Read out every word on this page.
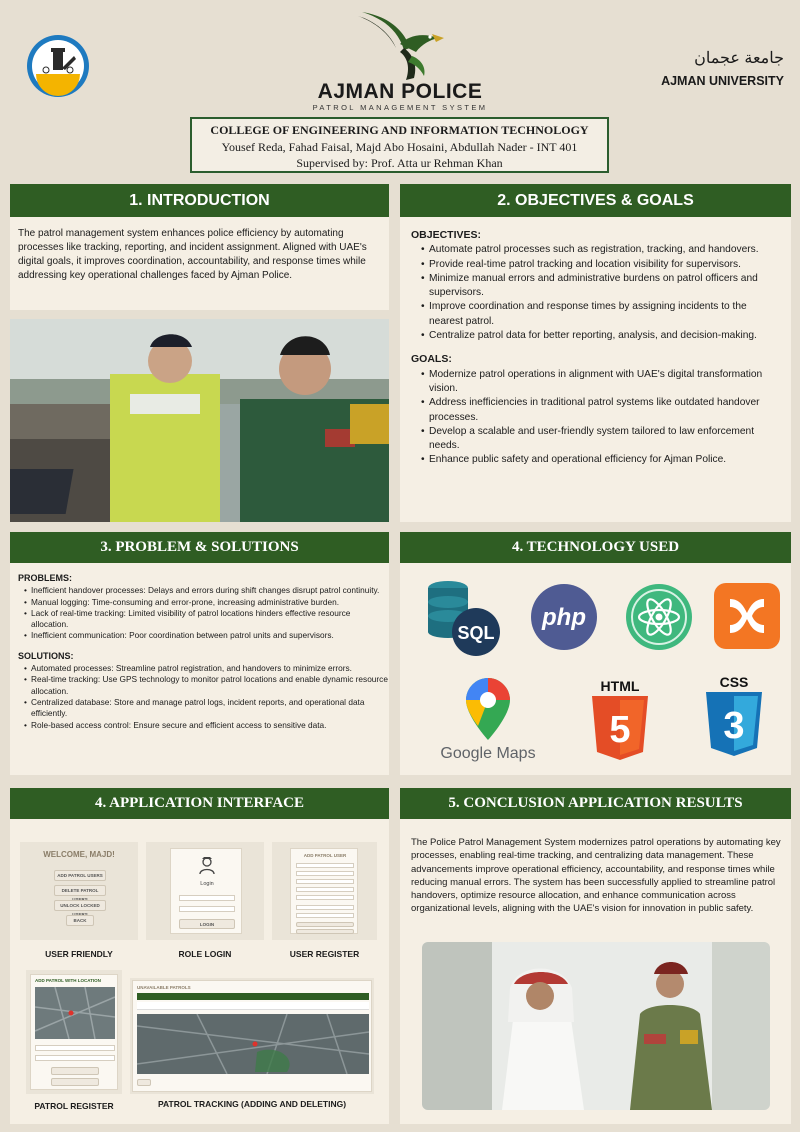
AJMAN POLICE
PATROL MANAGEMENT SYSTEM
جامعة عجمان
AJMAN UNIVERSITY
COLLEGE OF ENGINEERING AND INFORMATION TECHNOLOGY
Yousef Reda, Fahad Faisal, Majd Abo Hosaini, Abdullah Nader - INT 401
Supervised by: Prof. Atta ur Rehman Khan
1. INTRODUCTION
The patrol management system enhances police efficiency by automating processes like tracking, reporting, and incident assignment. Aligned with UAE's digital goals, it improves coordination, accountability, and response times while addressing key operational challenges faced by Ajman Police.
2. OBJECTIVES & GOALS
OBJECTIVES:
• Automate patrol processes such as registration, tracking, and handovers.
• Provide real-time patrol tracking and location visibility for supervisors.
• Minimize manual errors and administrative burdens on patrol officers and supervisors.
• Improve coordination and response times by assigning incidents to the nearest patrol.
• Centralize patrol data for better reporting, analysis, and decision-making.
GOALS:
• Modernize patrol operations in alignment with UAE's digital transformation vision.
• Address inefficiencies in traditional patrol systems like outdated handover processes.
• Develop a scalable and user-friendly system tailored to law enforcement needs.
• Enhance public safety and operational efficiency for Ajman Police.
3. PROBLEM & SOLUTIONS
PROBLEMS:
• Inefficient handover processes: Delays and errors during shift changes disrupt patrol continuity.
• Manual logging: Time-consuming and error-prone, increasing administrative burden.
• Lack of real-time tracking: Limited visibility of patrol locations hinders effective resource allocation.
• Inefficient communication: Poor coordination between patrol units and supervisors.
SOLUTIONS:
• Automated processes: Streamline patrol registration, and handovers to minimize errors.
• Real-time tracking: Use GPS technology to monitor patrol locations and enable dynamic resource allocation.
• Centralized database: Store and manage patrol logs, incident reports, and operational data efficiently.
• Role-based access control: Ensure secure and efficient access to sensitive data.
4. TECHNOLOGY USED
SQL
php
Google Maps
HTML
5
CSS
3
4. APPLICATION INTERFACE
WELCOME, MAJD!
ADD PATROL USERS
DELETE PATROL
UNLOCK LOCKED
BACK
USER FRIENDLY
Login
LOGIN
ROLE LOGIN
ADD PATROL USER
USER REGISTER
ADD PATROL WITH LOCATION
PATROL REGISTER
UNAVAILABLE PATROLS
PATROL TRACKING (ADDING AND DELETING)
5. CONCLUSION APPLICATION RESULTS
The Police Patrol Management System modernizes patrol operations by automating key processes, enabling real-time tracking, and centralizing data management. These advancements improve operational efficiency, accountability, and response times while reducing manual errors. The system has been successfully applied to streamline patrol handovers, optimize resource allocation, and enhance communication across organizational levels, aligning with the UAE's vision for innovation in public safety.
